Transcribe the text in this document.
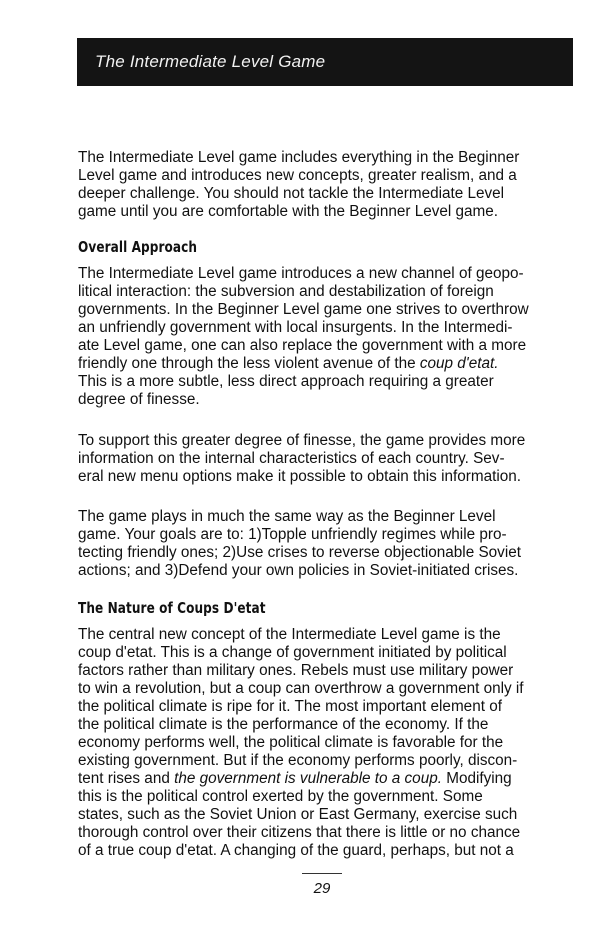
The Intermediate Level Game
The Intermediate Level game includes everything in the Beginner
Level game and introduces new concepts, greater realism, and a
deeper challenge. You should not tackle the Intermediate Level
game until you are comfortable with the Beginner Level game.
Overall Approach
The Intermediate Level game introduces a new channel of geopo-
litical interaction: the subversion and destabilization of foreign
governments. In the Beginner Level game one strives to overthrow
an unfriendly government with local insurgents. In the Intermedi-
ate Level game, one can also replace the government with a more
friendly one through the less violent avenue of the coup d'etat.
This is a more subtle, less direct approach requiring a greater
degree of finesse.
To support this greater degree of finesse, the game provides more
information on the internal characteristics of each country. Sev-
eral new menu options make it possible to obtain this information.
The game plays in much the same way as the Beginner Level
game. Your goals are to: 1)Topple unfriendly regimes while pro-
tecting friendly ones; 2)Use crises to reverse objectionable Soviet
actions; and 3)Defend your own policies in Soviet-initiated crises.
The Nature of Coups D'etat
The central new concept of the Intermediate Level game is the
coup d'etat. This is a change of government initiated by political
factors rather than military ones. Rebels must use military power
to win a revolution, but a coup can overthrow a government only if
the political climate is ripe for it. The most important element of
the political climate is the performance of the economy. If the
economy performs well, the political climate is favorable for the
existing government. But if the economy performs poorly, discon-
tent rises and the government is vulnerable to a coup. Modifying
this is the political control exerted by the government. Some
states, such as the Soviet Union or East Germany, exercise such
thorough control over their citizens that there is little or no chance
of a true coup d'etat. A changing of the guard, perhaps, but not a
29
